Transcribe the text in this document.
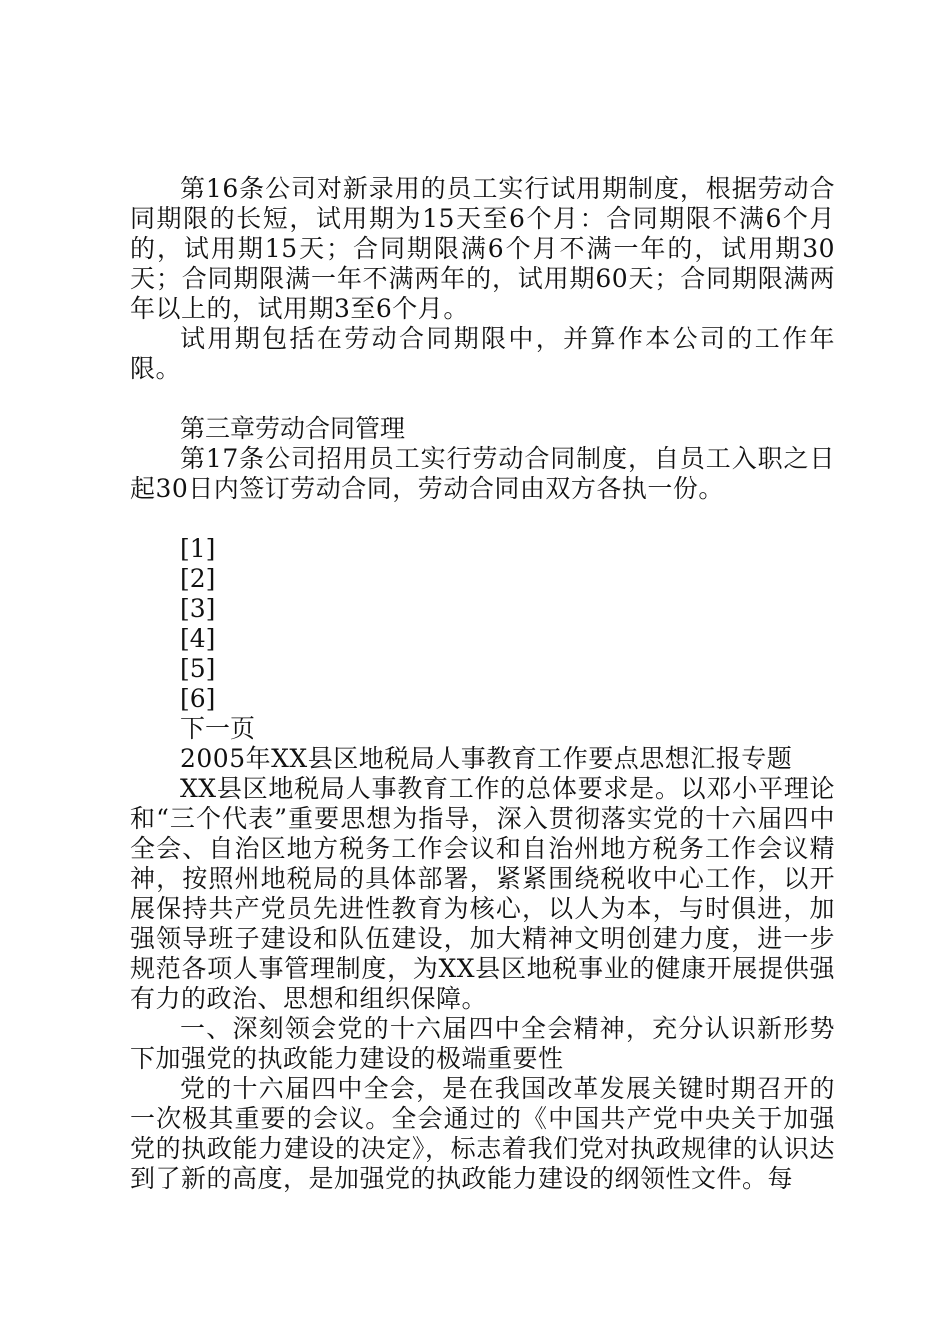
第16条公司对新录用的员工实行试用期制度，根据劳动合同期限的长短，试用期为15天至6个月：合同期限不满6个月的，试用期15天；合同期限满6个月不满一年的，试用期30天；合同期限满一年不满两年的，试用期60天；合同期限满两年以上的，试用期3至6个月。

试用期包括在劳动合同期限中，并算作本公司的工作年限。

第三章劳动合同管理

第17条公司招用员工实行劳动合同制度，自员工入职之日起30日内签订劳动合同，劳动合同由双方各执一份。

[1]

[2]

[3]

[4]

[5]

[6]

下一页

2005年XX县区地税局人事教育工作要点思想汇报专题

XX县区地税局人事教育工作的总体要求是。以邓小平理论和“三个代表”重要思想为指导，深入贯彻落实党的十六届四中全会、自治区地方税务工作会议和自治州地方税务工作会议精神，按照州地税局的具体部署，紧紧围绕税收中心工作，以开展保持共产党员先进性教育为核心，以人为本，与时俱进，加强领导班子建设和队伍建设，加大精神文明创建力度，进一步规范各项人事管理制度，为XX县区地税事业的健康开展提供强有力的政治、思想和组织保障。

一、深刻领会党的十六届四中全会精神，充分认识新形势下加强党的执政能力建设的极端重要性

党的十六届四中全会，是在我国改革发展关键时期召开的一次极其重要的会议。全会通过的《中国共产党中央关于加强党的执政能力建设的决定》，标志着我们党对执政规律的认识达到了新的高度，是加强党的执政能力建设的纲领性文件。每
